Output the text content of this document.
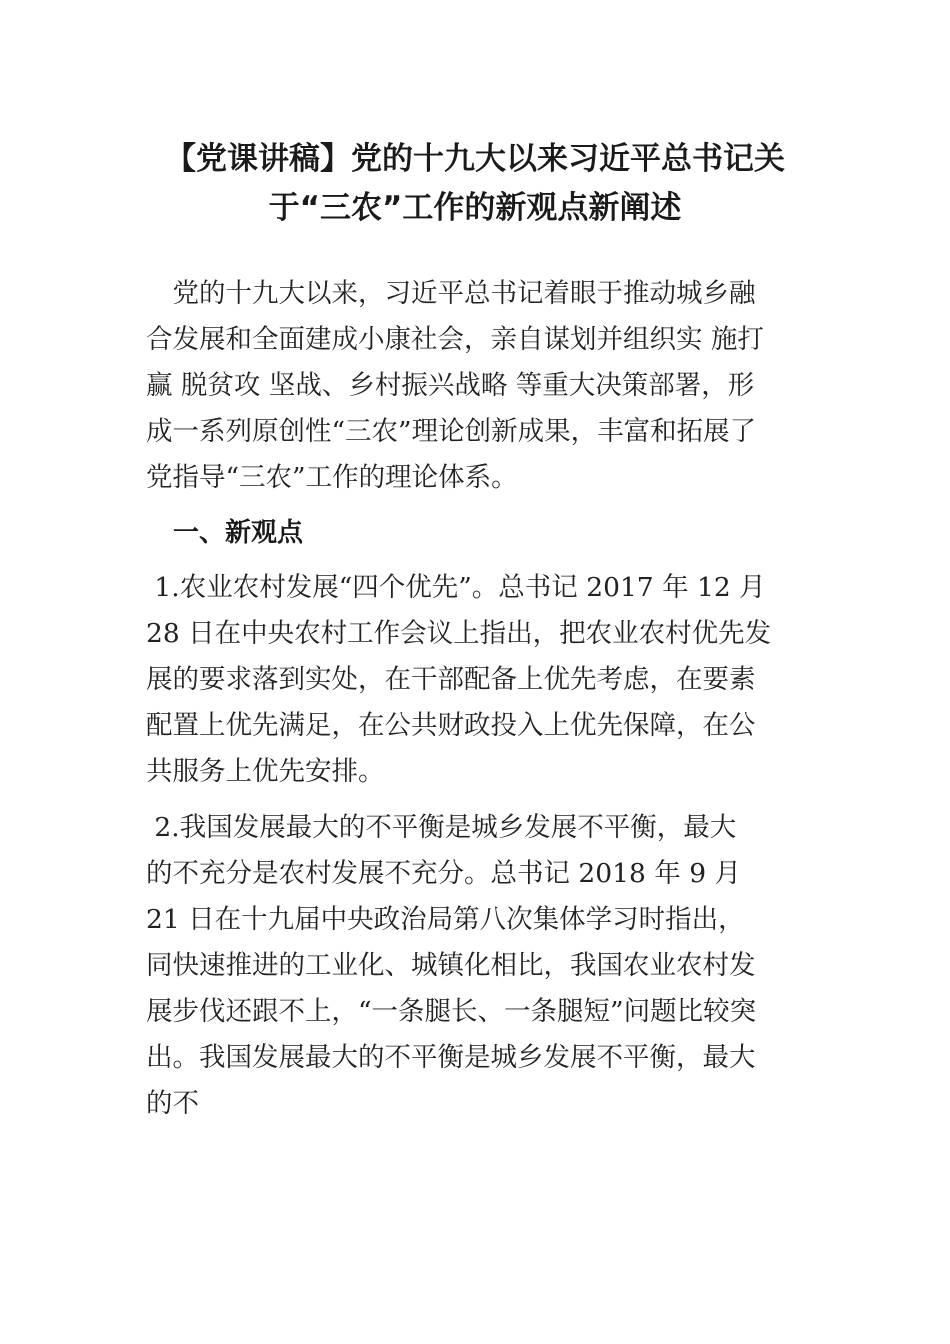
【党课讲稿】党的十九大以来习近平总书记关
于“三农”工作的新观点新阐述
　党的十九大以来，习近平总书记着眼于推动城乡融
合发展和全面建成小康社会，亲自谋划并组织实 施打
赢 脱贫攻 坚战、乡村振兴战略 等重大决策部署，形
成一系列原创性“三农”理论创新成果，丰富和拓展了
党指导“三农”工作的理论体系。
一、新观点
1.农业农村发展“四个优先”。总书记 2017 年 12 月
28 日在中央农村工作会议上指出，把农业农村优先发
展的要求落到实处，在干部配备上优先考虑，在要素
配置上优先满足，在公共财政投入上优先保障，在公
共服务上优先安排。
2.我国发展最大的不平衡是城乡发展不平衡，最大
的不充分是农村发展不充分。总书记 2018 年 9 月
21 日在十九届中央政治局第八次集体学习时指出，
同快速推进的工业化、城镇化相比，我国农业农村发
展步伐还跟不上，“一条腿长、一条腿短”问题比较突
出。我国发展最大的不平衡是城乡发展不平衡，最大
的不
